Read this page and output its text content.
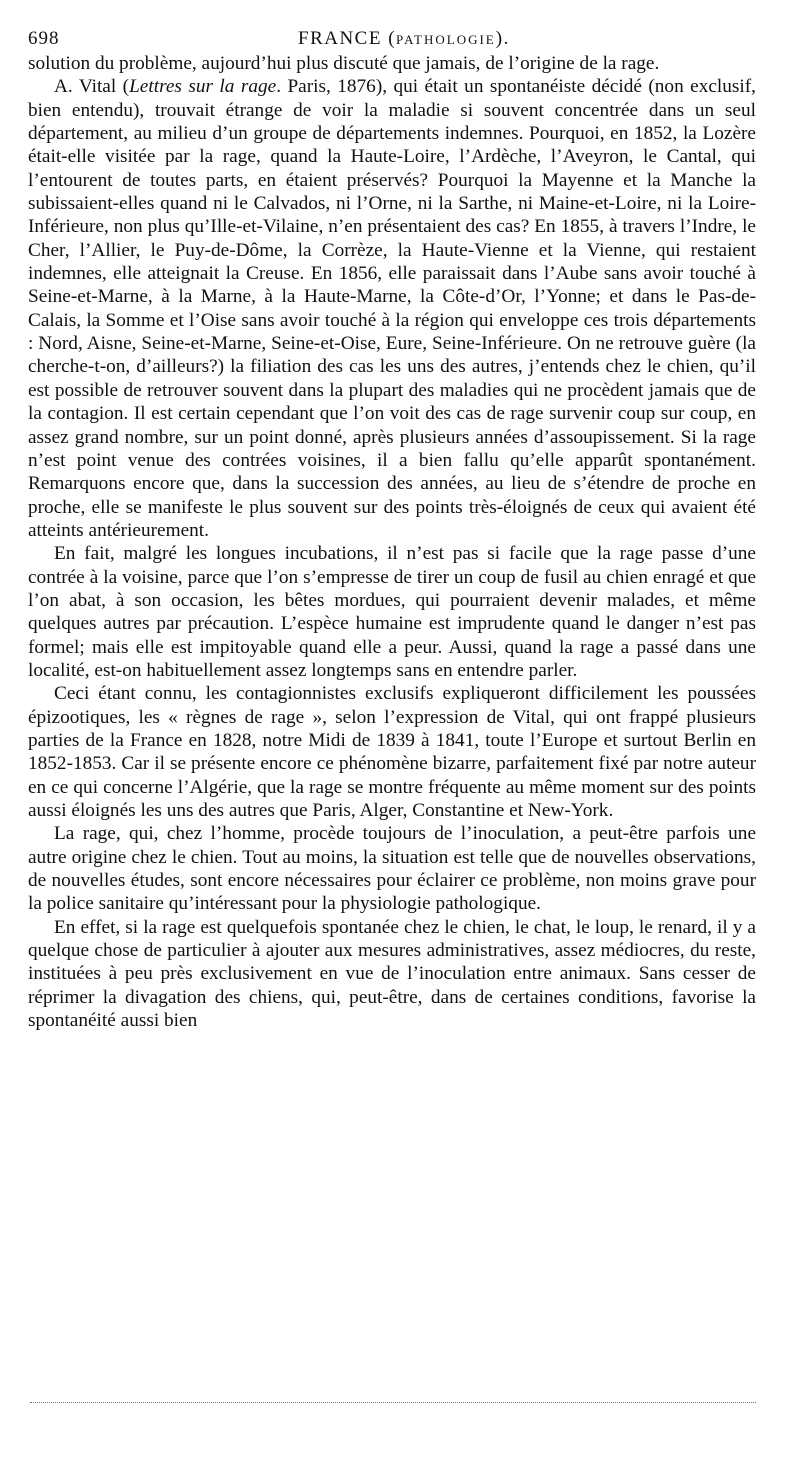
698	FRANCE (PATHOLOGIE).

solution du problème, aujourd’hui plus discuté que jamais, de l’origine de la rage.

A. Vital (Lettres sur la rage. Paris, 1876), qui était un spontanéiste décidé (non exclusif, bien entendu), trouvait étrange de voir la maladie si souvent concentrée dans un seul département, au milieu d’un groupe de départements indemnes. Pourquoi, en 1852, la Lozère était-elle visitée par la rage, quand la Haute-Loire, l’Ardèche, l’Aveyron, le Cantal, qui l’entourent de toutes parts, en étaient préservés? Pourquoi la Mayenne et la Manche la subissaient-elles quand ni le Calvados, ni l’Orne, ni la Sarthe, ni Maine-et-Loire, ni la Loire-Inférieure, non plus qu’Ille-et-Vilaine, n’en présentaient des cas? En 1855, à travers l’Indre, le Cher, l’Allier, le Puy-de-Dôme, la Corrèze, la Haute-Vienne et la Vienne, qui restaient indemnes, elle atteignait la Creuse. En 1856, elle paraissait dans l’Aube sans avoir touché à Seine-et-Marne, à la Marne, à la Haute-Marne, la Côte-d’Or, l’Yonne; et dans le Pas-de-Calais, la Somme et l’Oise sans avoir touché à la région qui enveloppe ces trois départements : Nord, Aisne, Seine-et-Marne, Seine-et-Oise, Eure, Seine-Inférieure. On ne retrouve guère (la cherche-t-on, d’ailleurs?) la filiation des cas les uns des autres, j’entends chez le chien, qu’il est possible de retrouver souvent dans la plupart des maladies qui ne procèdent jamais que de la contagion. Il est certain cependant que l’on voit des cas de rage survenir coup sur coup, en assez grand nombre, sur un point donné, après plusieurs années d’assoupissement. Si la rage n’est point venue des contrées voisines, il a bien fallu qu’elle apparût spontanément. Remarquons encore que, dans la succession des années, au lieu de s’étendre de proche en proche, elle se manifeste le plus souvent sur des points très-éloignés de ceux qui avaient été atteints antérieurement.

En fait, malgré les longues incubations, il n’est pas si facile que la rage passe d’une contrée à la voisine, parce que l’on s’empresse de tirer un coup de fusil au chien enragé et que l’on abat, à son occasion, les bêtes mordues, qui pourraient devenir malades, et même quelques autres par précaution. L’espèce humaine est imprudente quand le danger n’est pas formel; mais elle est impitoyable quand elle a peur. Aussi, quand la rage a passé dans une localité, est-on habituellement assez longtemps sans en entendre parler.

Ceci étant connu, les contagionnistes exclusifs expliqueront difficilement les poussées épizootiques, les « règnes de rage », selon l’expression de Vital, qui ont frappé plusieurs parties de la France en 1828, notre Midi de 1839 à 1841, toute l’Europe et surtout Berlin en 1852-1853. Car il se présente encore ce phénomène bizarre, parfaitement fixé par notre auteur en ce qui concerne l’Algérie, que la rage se montre fréquente au même moment sur des points aussi éloignés les uns des autres que Paris, Alger, Constantine et New-York.

La rage, qui, chez l’homme, procède toujours de l’inoculation, a peut-être parfois une autre origine chez le chien. Tout au moins, la situation est telle que de nouvelles observations, de nouvelles études, sont encore nécessaires pour éclairer ce problème, non moins grave pour la police sanitaire qu’intéressant pour la physiologie pathologique.

En effet, si la rage est quelquefois spontanée chez le chien, le chat, le loup, le renard, il y a quelque chose de particulier à ajouter aux mesures administratives, assez médiocres, du reste, instituées à peu près exclusivement en vue de l’inoculation entre animaux. Sans cesser de réprimer la divagation des chiens, qui, peut-être, dans de certaines conditions, favorise la spontanéité aussi bien
